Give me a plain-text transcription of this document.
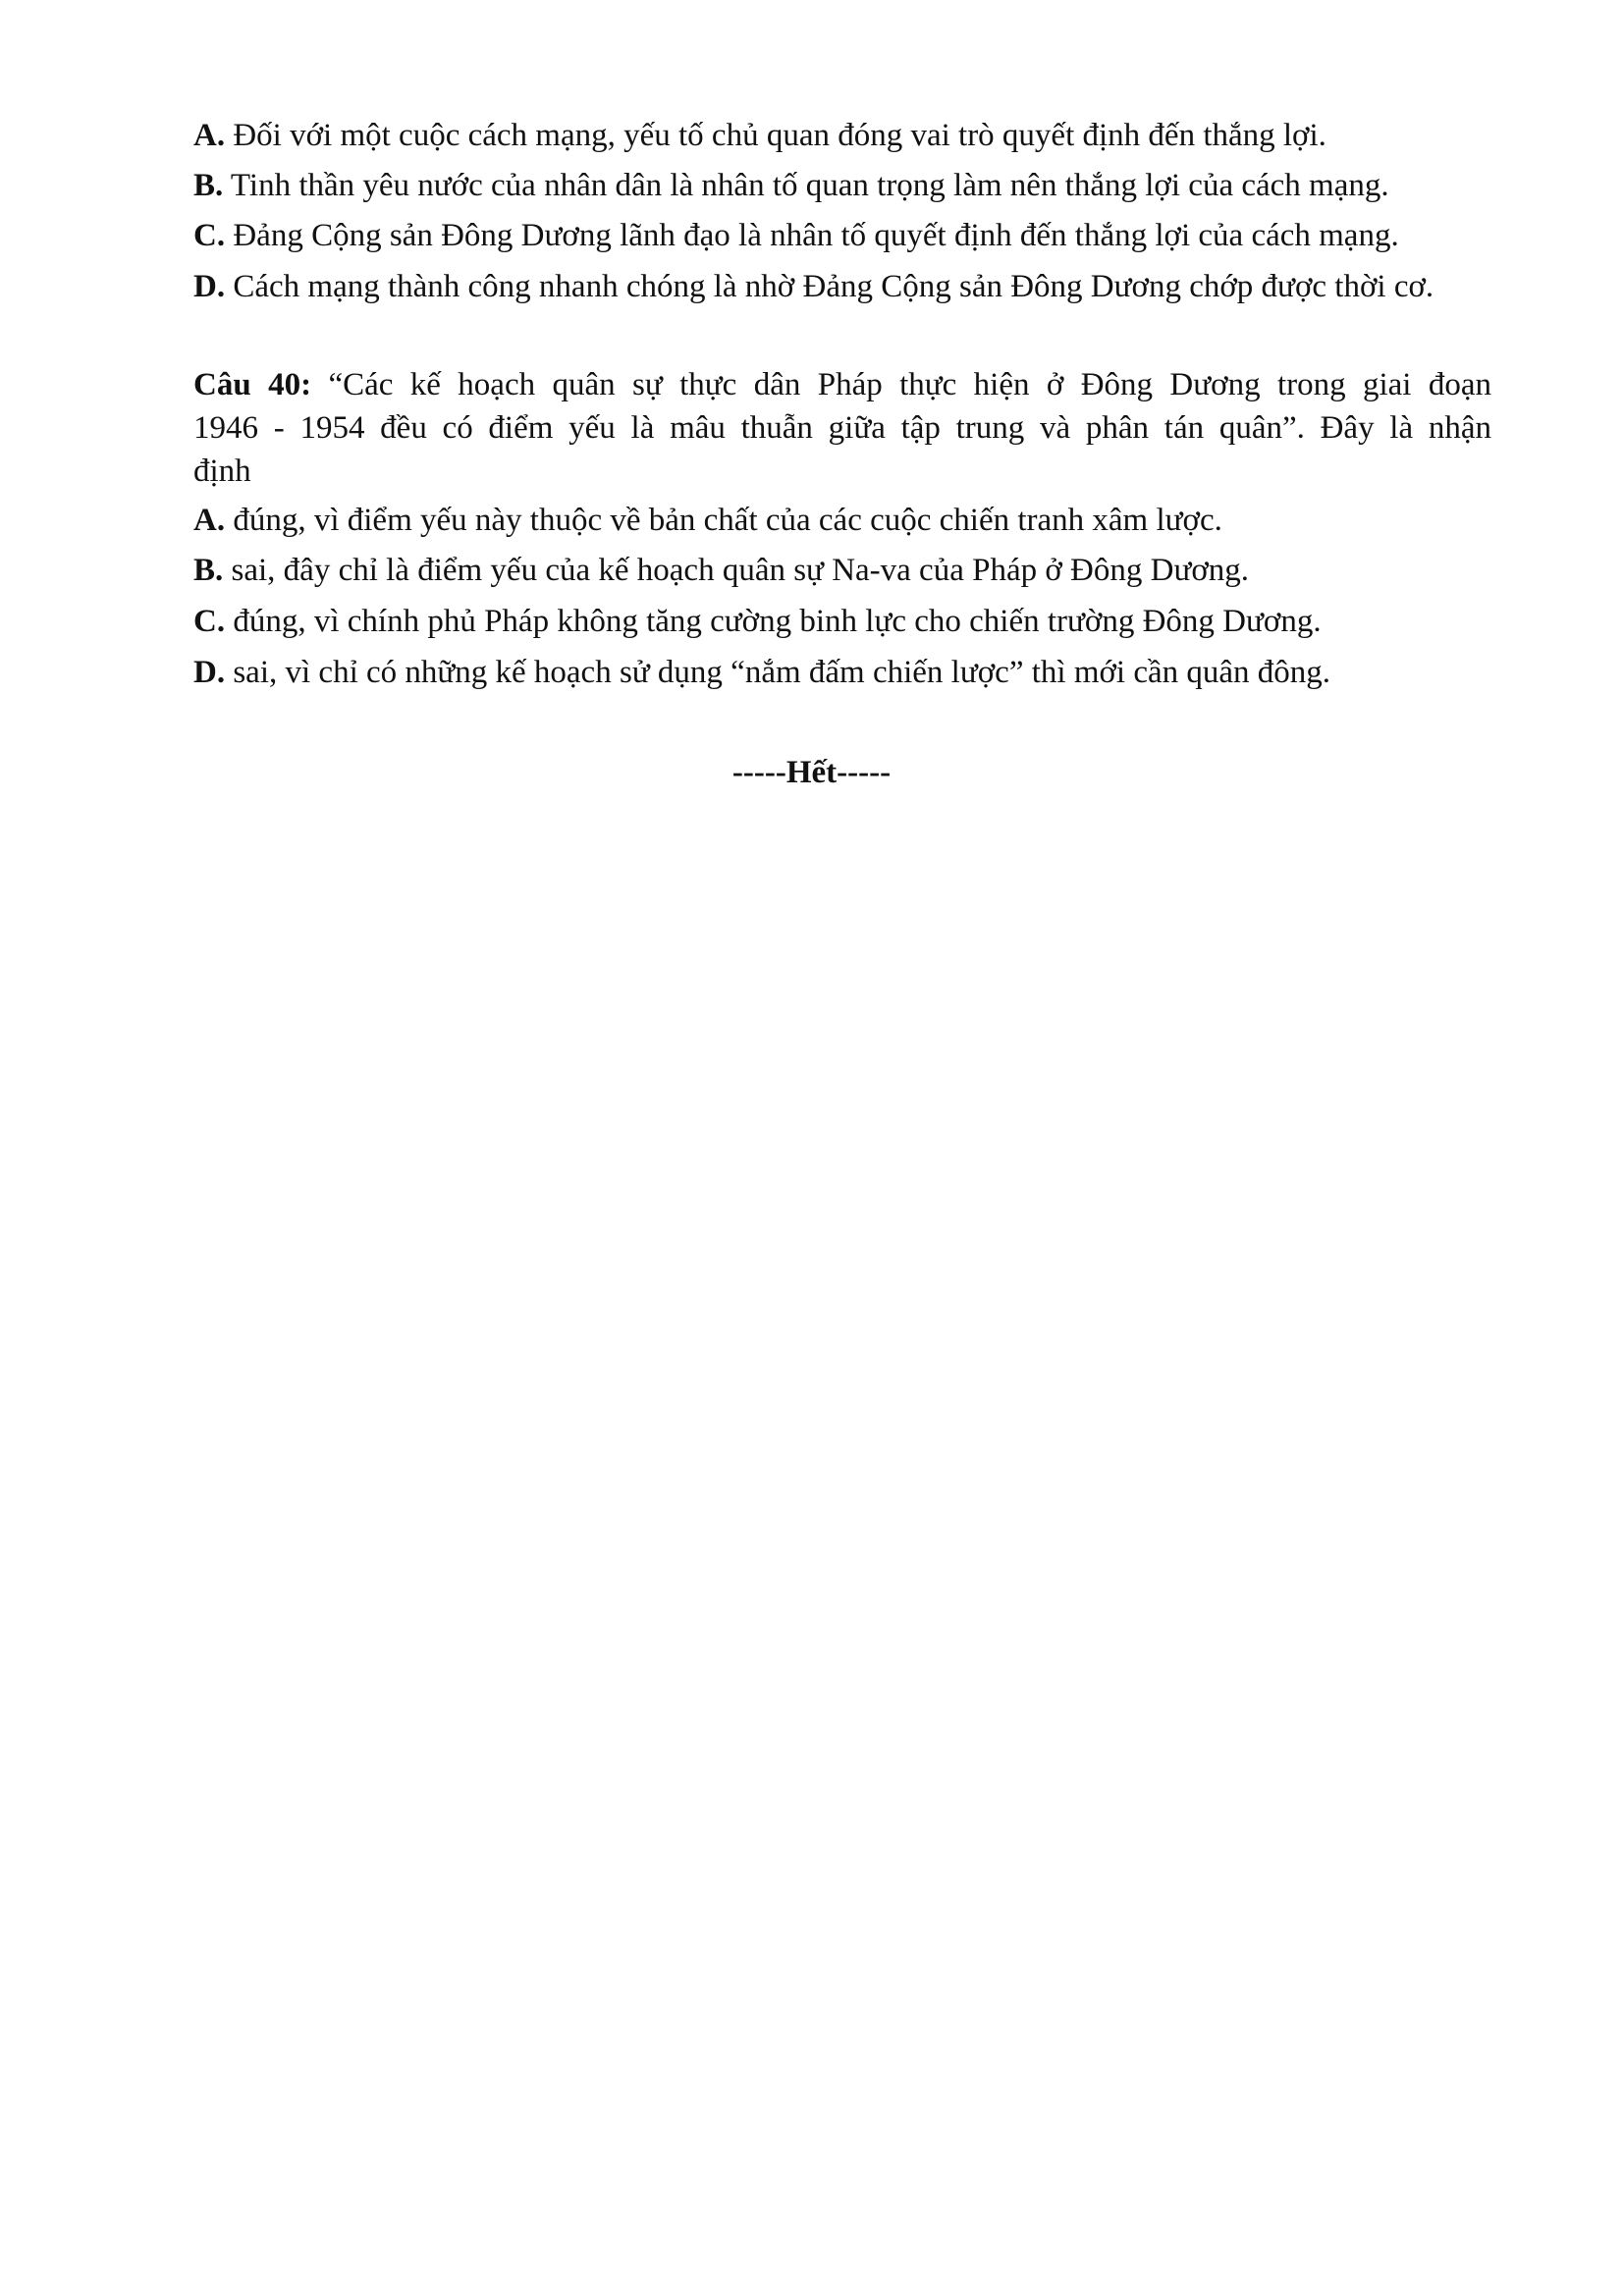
A. Đối với một cuộc cách mạng, yếu tố chủ quan đóng vai trò quyết định đến thắng lợi.
B. Tinh thần yêu nước của nhân dân là nhân tố quan trọng làm nên thắng lợi của cách mạng.
C. Đảng Cộng sản Đông Dương lãnh đạo là nhân tố quyết định đến thắng lợi của cách mạng.
D. Cách mạng thành công nhanh chóng là nhờ Đảng Cộng sản Đông Dương chớp được thời cơ.
Câu 40: “Các kế hoạch quân sự thực dân Pháp thực hiện ở Đông Dương trong giai đoạn
1946 - 1954 đều có điểm yếu là mâu thuẫn giữa tập trung và phân tán quân”. Đây là nhận
định
A. đúng, vì điểm yếu này thuộc về bản chất của các cuộc chiến tranh xâm lược.
B. sai, đây chỉ là điểm yếu của kế hoạch quân sự Na-va của Pháp ở Đông Dương.
C. đúng, vì chính phủ Pháp không tăng cường binh lực cho chiến trường Đông Dương.
D. sai, vì chỉ có những kế hoạch sử dụng “nắm đấm chiến lược” thì mới cần quân đông.
-----Hết-----
